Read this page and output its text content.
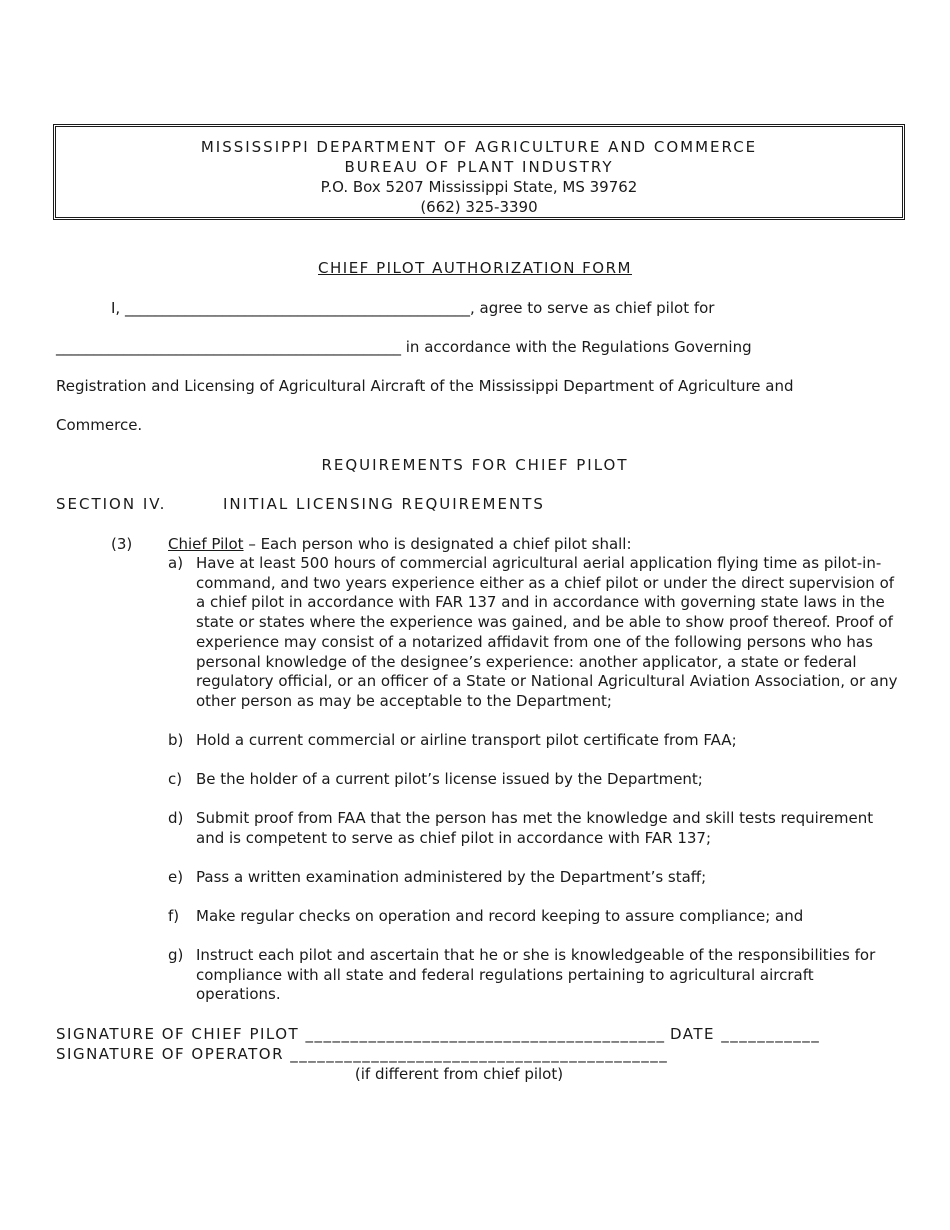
MISSISSIPPI DEPARTMENT OF AGRICULTURE AND COMMERCE
BUREAU OF PLANT INDUSTRY
P.O. Box 5207 Mississippi State, MS 39762
(662) 325-3390
CHIEF PILOT AUTHORIZATION FORM
I, ______________________________________________, agree to serve as chief pilot for
______________________________________________ in accordance with the Regulations Governing
Registration and Licensing of Agricultural Aircraft of the Mississippi Department of Agriculture and
Commerce.
REQUIREMENTS FOR CHIEF PILOT
SECTION IV.	INITIAL LICENSING REQUIREMENTS
(3) Chief Pilot – Each person who is designated a chief pilot shall:
a) Have at least 500 hours of commercial agricultural aerial application flying time as pilot-in-command, and two years experience either as a chief pilot or under the direct supervision of a chief pilot in accordance with FAR 137 and in accordance with governing state laws in the state or states where the experience was gained, and be able to show proof thereof. Proof of experience may consist of a notarized affidavit from one of the following persons who has personal knowledge of the designee’s experience: another applicator, a state or federal regulatory official, or an officer of a State or National Agricultural Aviation Association, or any other person as may be acceptable to the Department;
b) Hold a current commercial or airline transport pilot certificate from FAA;
c) Be the holder of a current pilot’s license issued by the Department;
d) Submit proof from FAA that the person has met the knowledge and skill tests requirement and is competent to serve as chief pilot in accordance with FAR 137;
e) Pass a written examination administered by the Department’s staff;
f) Make regular checks on operation and record keeping to assure compliance; and
g) Instruct each pilot and ascertain that he or she is knowledgeable of the responsibilities for compliance with all state and federal regulations pertaining to agricultural aircraft operations.
SIGNATURE OF CHIEF PILOT ________________________________________ DATE ___________
SIGNATURE OF OPERATOR __________________________________________
(if different from chief pilot)
